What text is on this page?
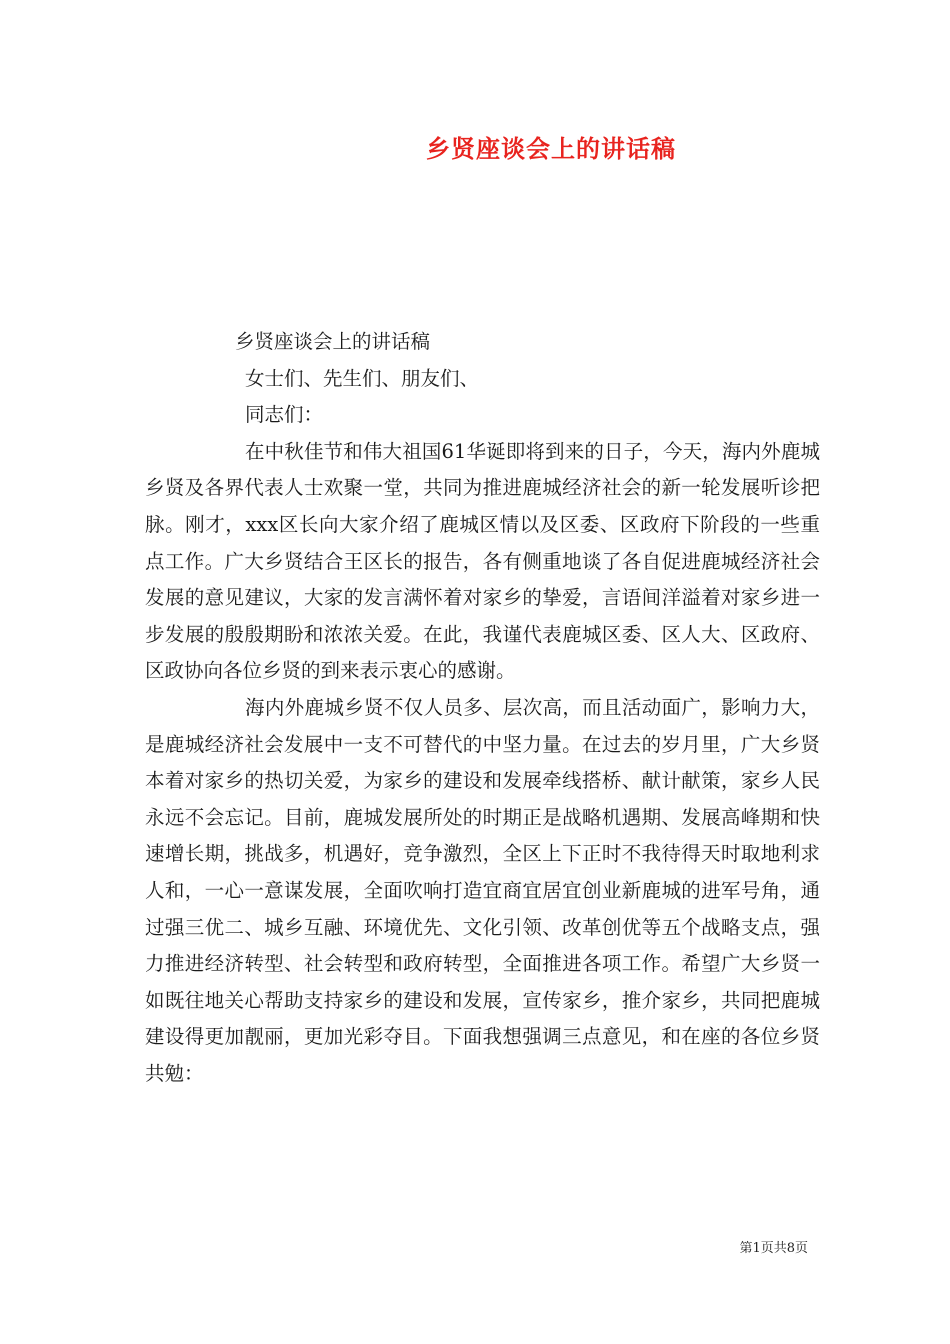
乡贤座谈会上的讲话稿
乡贤座谈会上的讲话稿
女士们、先生们、朋友们、
同志们：

在中秋佳节和伟大祖国61华诞即将到来的日子，今天，海内外鹿城乡贤及各界代表人士欢聚一堂，共同为推进鹿城经济社会的新一轮发展听诊把脉。刚才，xxx区长向大家介绍了鹿城区情以及区委、区政府下阶段的一些重点工作。广大乡贤结合王区长的报告，各有侧重地谈了各自促进鹿城经济社会发展的意见建议，大家的发言满怀着对家乡的挚爱，言语间洋溢着对家乡进一步发展的殷殷期盼和浓浓关爱。在此，我谨代表鹿城区委、区人大、区政府、区政协向各位乡贤的到来表示衷心的感谢。

海内外鹿城乡贤不仅人员多、层次高，而且活动面广，影响力大，是鹿城经济社会发展中一支不可替代的中坚力量。在过去的岁月里，广大乡贤本着对家乡的热切关爱，为家乡的建设和发展牵线搭桥、献计献策，家乡人民永远不会忘记。目前，鹿城发展所处的时期正是战略机遇期、发展高峰期和快速增长期，挑战多，机遇好，竞争激烈，全区上下正时不我待得天时取地利求人和，一心一意谋发展，全面吹响打造宜商宜居宜创业新鹿城的进军号角，通过强三优二、城乡互融、环境优先、文化引领、改革创优等五个战略支点，强力推进经济转型、社会转型和政府转型，全面推进各项工作。希望广大乡贤一如既往地关心帮助支持家乡的建设和发展，宣传家乡，推介家乡，共同把鹿城建设得更加靓丽，更加光彩夺目。下面我想强调三点意见，和在座的各位乡贤共勉：

第1页共8页
